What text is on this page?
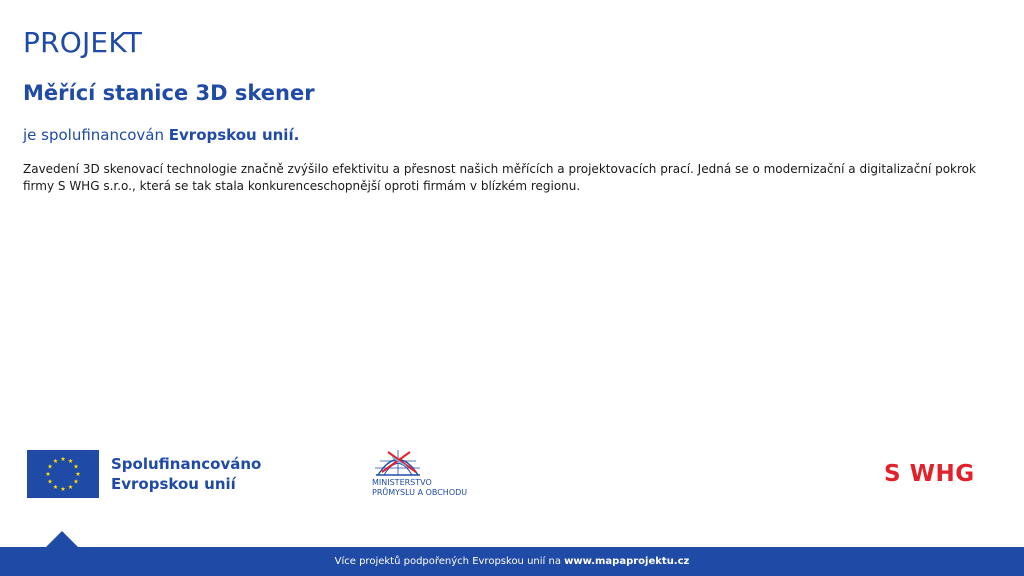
PROJEKT
Měřící stanice 3D skener

je spolufinancován Evropskou unií.

Zavedení 3D skenovací technologie značně zvýšilo efektivitu a přesnost našich měřících a projektovacích prací. Jedná se o modernizační a digitalizační pokrok firmy S WHG s.r.o., která se tak stala konkurenceschopnější oproti firmám v blízkém regionu.

Spolufinancováno
Evropskou unií	MINISTERSTVO
PRŮMYSLU A OBCHODU
S WHG
Více projektů podpořených Evropskou unií na www.mapaprojektu.cz
